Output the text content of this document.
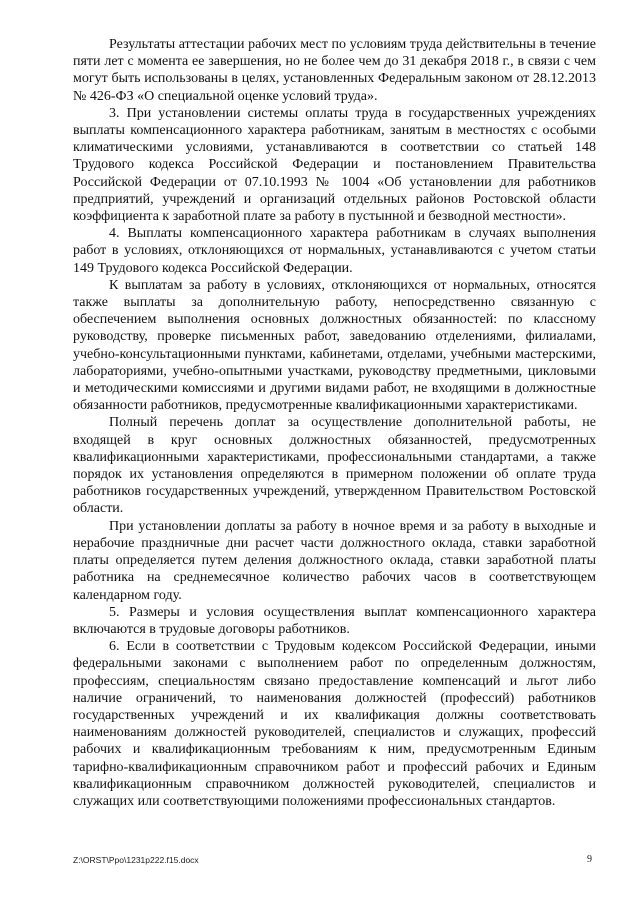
Результаты аттестации рабочих мест по условиям труда действительны в течение пяти лет с момента ее завершения, но не более чем до 31 декабря 2018 г., в связи с чем могут быть использованы в целях, установленных Федеральным законом от 28.12.2013 № 426-ФЗ «О специальной оценке условий труда».

3. При установлении системы оплаты труда в государственных учреждениях выплаты компенсационного характера работникам, занятым в местностях с особыми климатическими условиями, устанавливаются в соответствии со статьей 148 Трудового кодекса Российской Федерации и постановлением Правительства Российской Федерации от 07.10.1993 № 1004 «Об установлении для работников предприятий, учреждений и организаций отдельных районов Ростовской области коэффициента к заработной плате за работу в пустынной и безводной местности».

4. Выплаты компенсационного характера работникам в случаях выполнения работ в условиях, отклоняющихся от нормальных, устанавливаются с учетом статьи 149 Трудового кодекса Российской Федерации.

К выплатам за работу в условиях, отклоняющихся от нормальных, относятся также выплаты за дополнительную работу, непосредственно связанную с обеспечением выполнения основных должностных обязанностей: по классному руководству, проверке письменных работ, заведованию отделениями, филиалами, учебно-консультационными пунктами, кабинетами, отделами, учебными мастерскими, лабораториями, учебно-опытными участками, руководству предметными, цикловыми и методическими комиссиями и другими видами работ, не входящими в должностные обязанности работников, предусмотренные квалификационными характеристиками.

Полный перечень доплат за осуществление дополнительной работы, не входящей в круг основных должностных обязанностей, предусмотренных квалификационными характеристиками, профессиональными стандартами, а также порядок их установления определяются в примерном положении об оплате труда работников государственных учреждений, утвержденном Правительством Ростовской области.

При установлении доплаты за работу в ночное время и за работу в выходные и нерабочие праздничные дни расчет части должностного оклада, ставки заработной платы определяется путем деления должностного оклада, ставки заработной платы работника на среднемесячное количество рабочих часов в соответствующем календарном году.

5. Размеры и условия осуществления выплат компенсационного характера включаются в трудовые договоры работников.

6. Если в соответствии с Трудовым кодексом Российской Федерации, иными федеральными законами с выполнением работ по определенным должностям, профессиям, специальностям связано предоставление компенсаций и льгот либо наличие ограничений, то наименования должностей (профессий) работников государственных учреждений и их квалификация должны соответствовать наименованиям должностей руководителей, специалистов и служащих, профессий рабочих и квалификационным требованиям к ним, предусмотренным Единым тарифно-квалификационным справочником работ и профессий рабочих и Единым квалификационным справочником должностей руководителей, специалистов и служащих или соответствующими положениями профессиональных стандартов.

Z:\ORST\Ppo\1231p222.f15.docx	9
